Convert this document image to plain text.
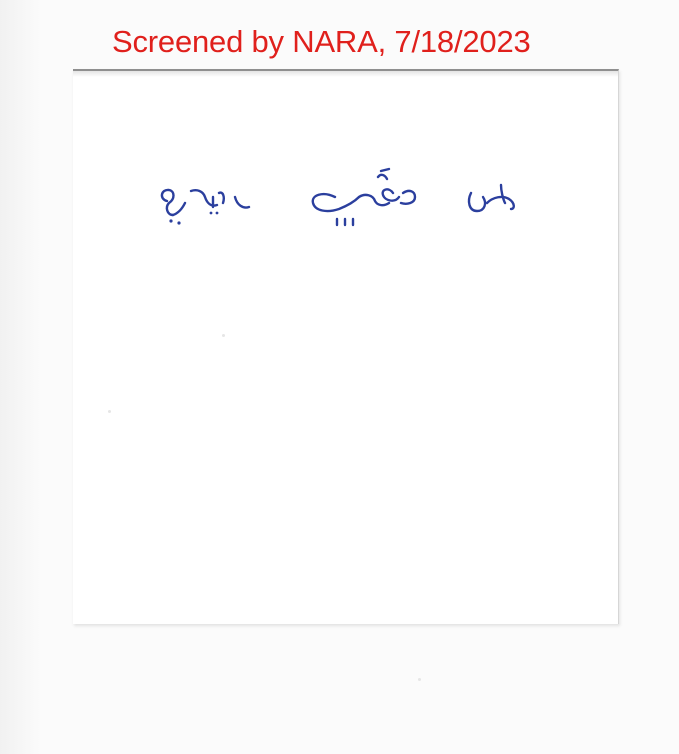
Screened by NARA, 7/18/2023
